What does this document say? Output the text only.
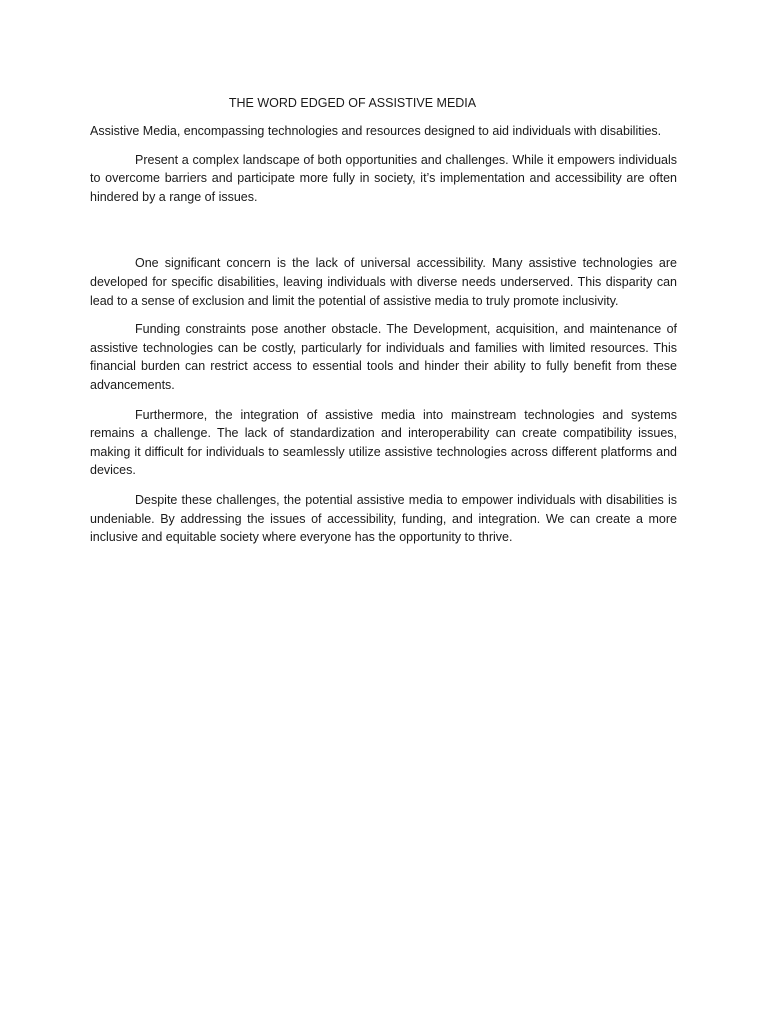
THE WORD EDGED OF ASSISTIVE MEDIA

Assistive Media, encompassing technologies and resources designed to aid individuals with disabilities.

Present a complex landscape of both opportunities and challenges. While it empowers individuals to overcome barriers and participate more fully in society, it’s implementation and accessibility are often hindered by a range of issues.

One significant concern is the lack of universal accessibility. Many assistive technologies are developed for specific disabilities, leaving individuals with diverse needs underserved. This disparity can lead to a sense of exclusion and limit the potential of assistive media to truly promote inclusivity.

Funding constraints pose another obstacle. The Development, acquisition, and maintenance of assistive technologies can be costly, particularly for individuals and families with limited resources. This financial burden can restrict access to essential tools and hinder their ability to fully benefit from these advancements.

Furthermore, the integration of assistive media into mainstream technologies and systems remains a challenge. The lack of standardization and interoperability can create compatibility issues, making it difficult for individuals to seamlessly utilize assistive technologies across different platforms and devices.

Despite these challenges, the potential assistive media to empower individuals with disabilities is undeniable. By addressing the issues of accessibility, funding, and integration. We can create a more inclusive and equitable society where everyone has the opportunity to thrive.
